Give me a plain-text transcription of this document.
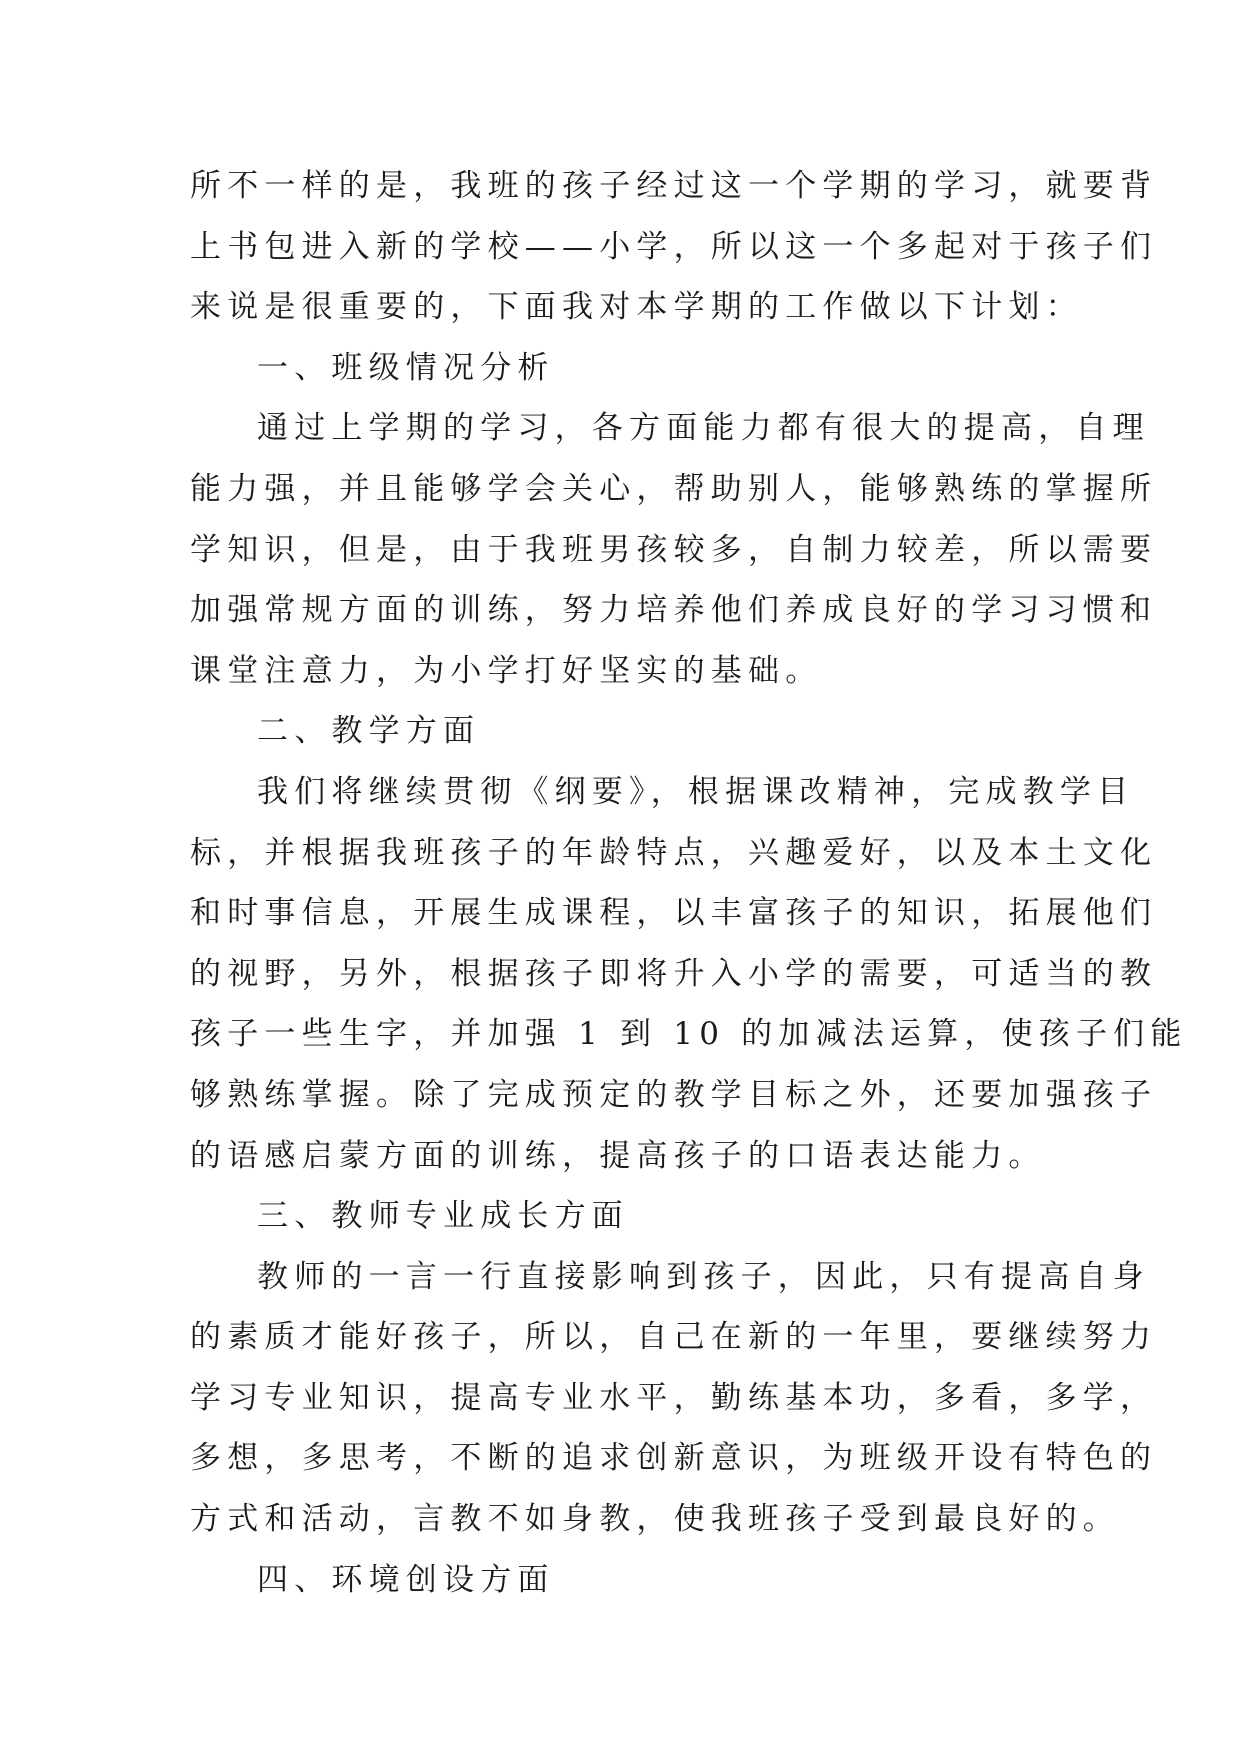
所不一样的是，我班的孩子经过这一个学期的学习，就要背
上书包进入新的学校——小学，所以这一个多起对于孩子们
来说是很重要的，下面我对本学期的工作做以下计划：
一、班级情况分析
通过上学期的学习，各方面能力都有很大的提高，自理
能力强，并且能够学会关心，帮助别人，能够熟练的掌握所
学知识，但是，由于我班男孩较多，自制力较差，所以需要
加强常规方面的训练，努力培养他们养成良好的学习习惯和
课堂注意力，为小学打好坚实的基础。
二、教学方面
我们将继续贯彻《纲要》，根据课改精神，完成教学目
标，并根据我班孩子的年龄特点，兴趣爱好，以及本土文化
和时事信息，开展生成课程，以丰富孩子的知识，拓展他们
的视野，另外，根据孩子即将升入小学的需要，可适当的教
孩子一些生字，并加强 1 到 10 的加减法运算，使孩子们能
够熟练掌握。除了完成预定的教学目标之外，还要加强孩子
的语感启蒙方面的训练，提高孩子的口语表达能力。
三、教师专业成长方面
教师的一言一行直接影响到孩子，因此，只有提高自身
的素质才能好孩子，所以，自己在新的一年里，要继续努力
学习专业知识，提高专业水平，勤练基本功，多看，多学，
多想，多思考，不断的追求创新意识，为班级开设有特色的
方式和活动，言教不如身教，使我班孩子受到最良好的。
四、环境创设方面
